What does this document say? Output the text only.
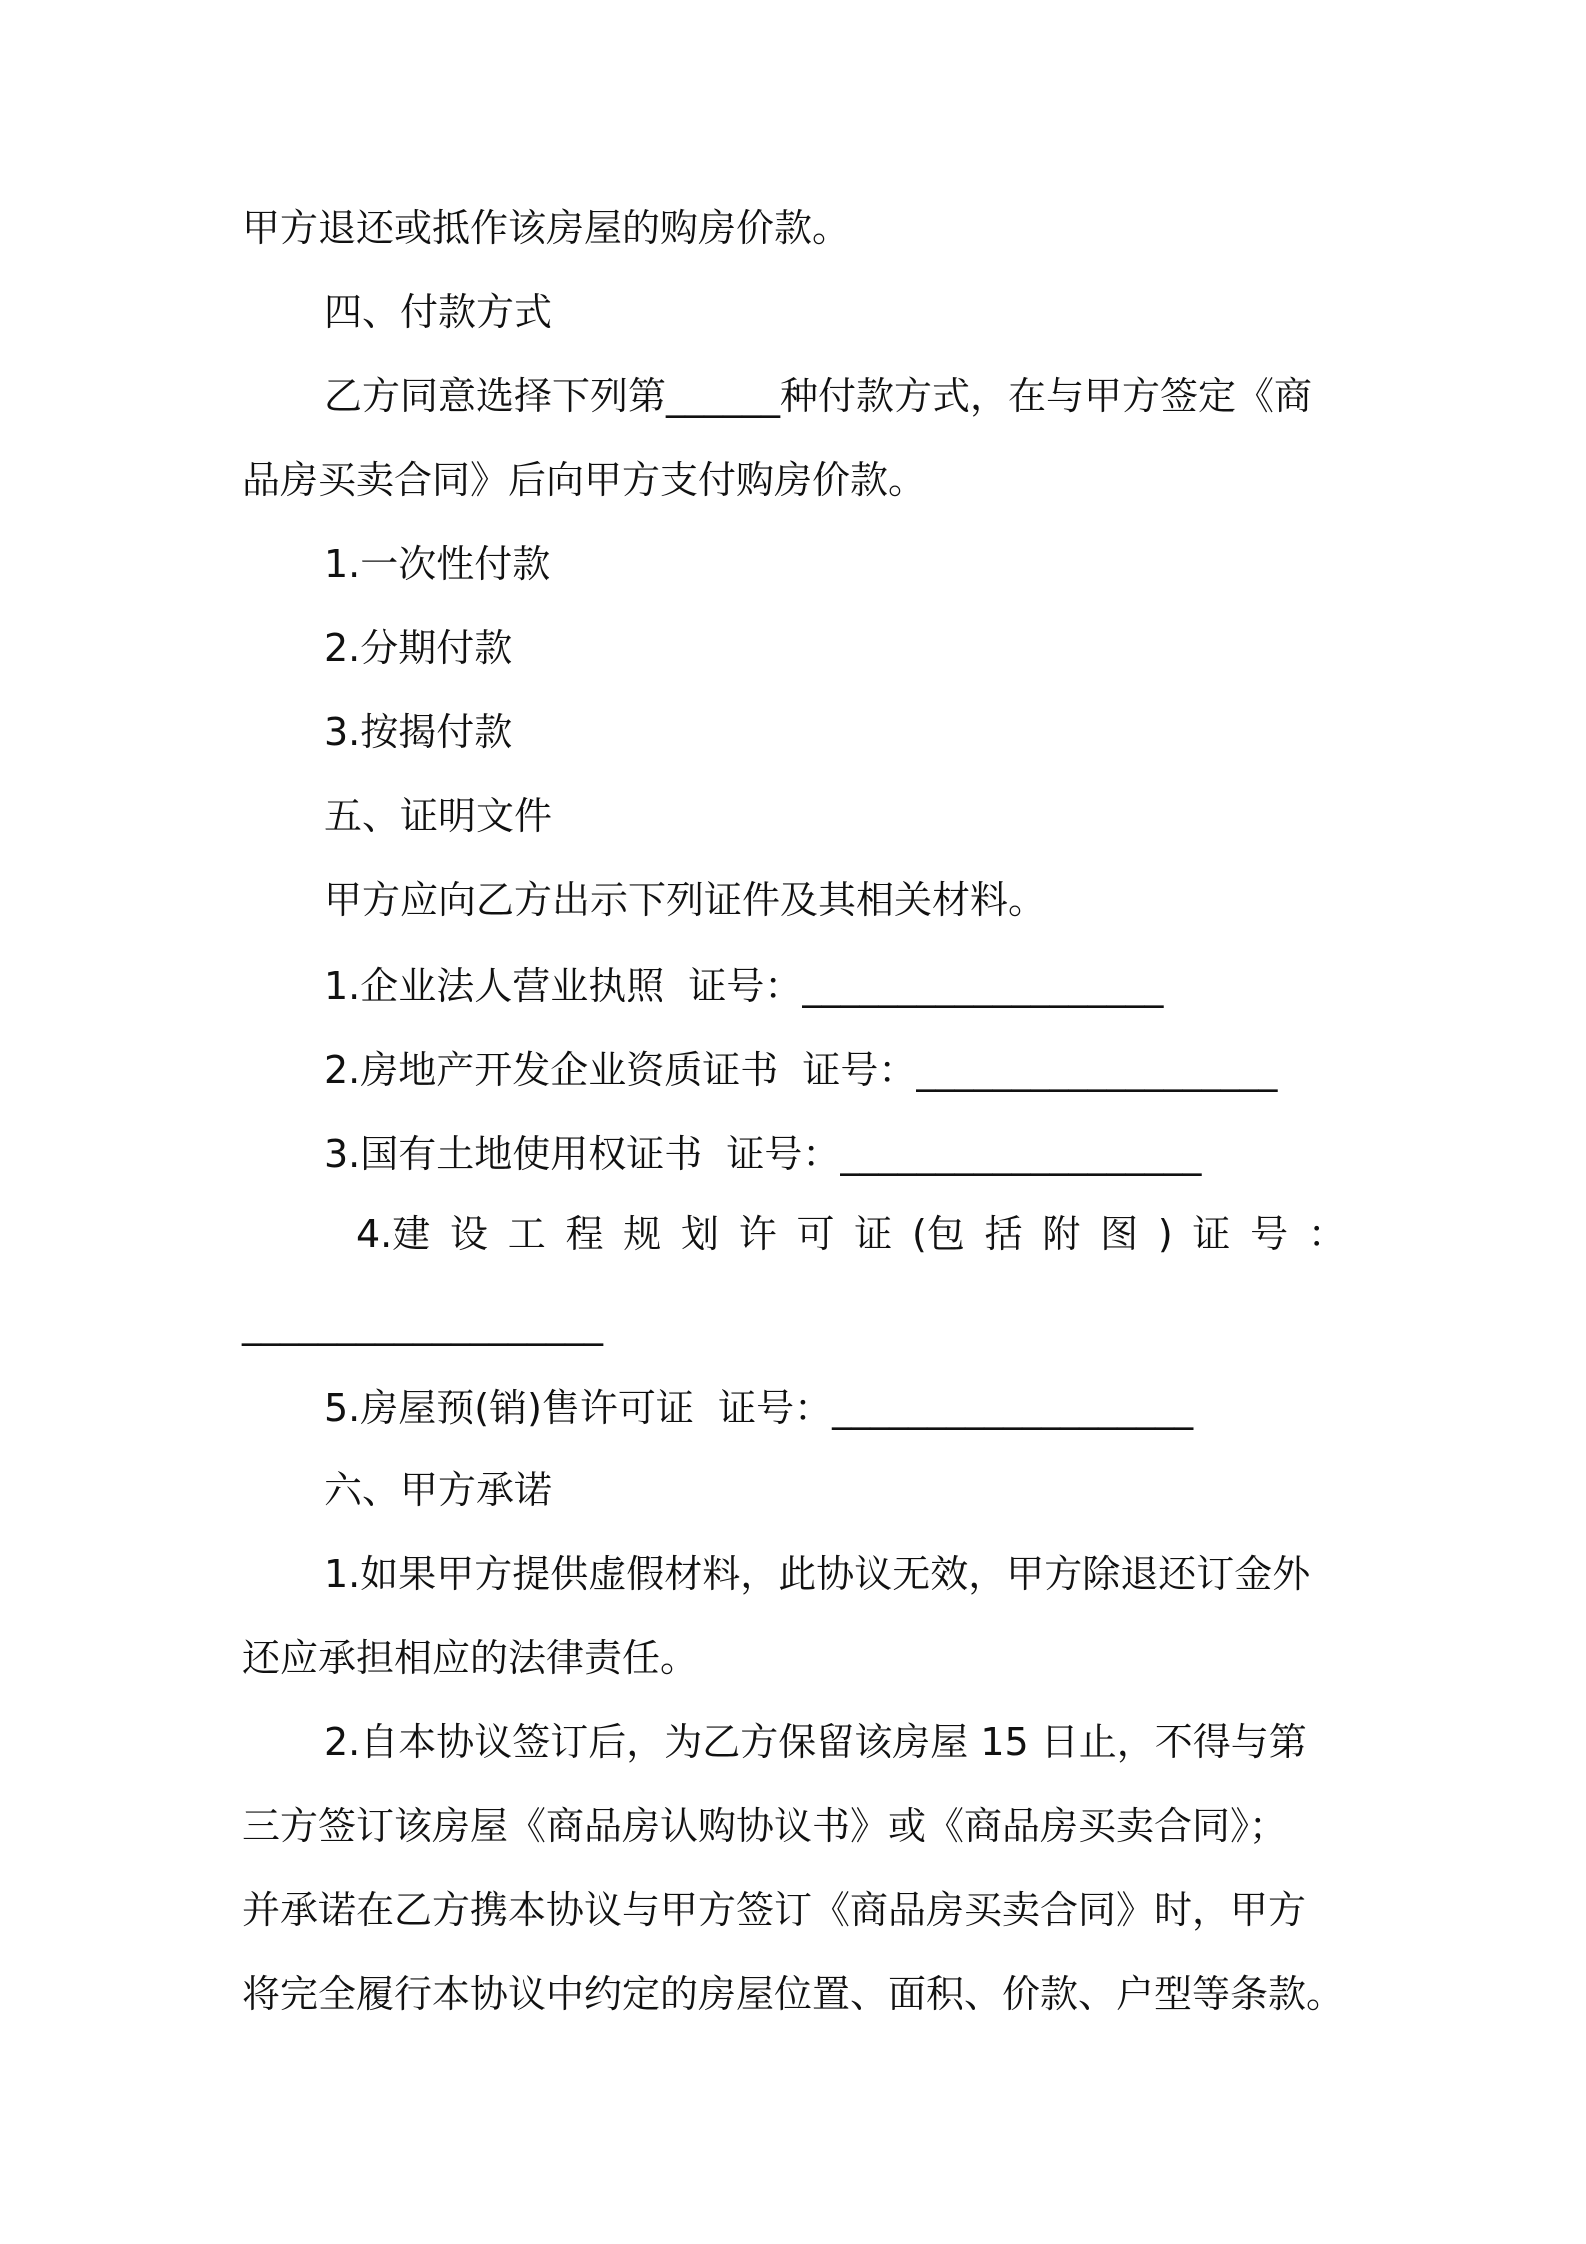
甲方退还或抵作该房屋的购房价款。
四、付款方式
乙方同意选择下列第______种付款方式，在与甲方签定《商
品房买卖合同》后向甲方支付购房价款。
1.一次性付款
2.分期付款
3.按揭付款
五、证明文件
甲方应向乙方出示下列证件及其相关材料。
1.企业法人营业执照  证号：___________________
2.房地产开发企业资质证书  证号：___________________
3.国有土地使用权证书  证号：___________________
4.建 设 工 程 规 划 许 可 证 (包 括 附 图 ) 证 号 ：
___________________
5.房屋预(销)售许可证  证号：___________________
六、甲方承诺
1.如果甲方提供虚假材料，此协议无效，甲方除退还订金外
还应承担相应的法律责任。
2.自本协议签订后，为乙方保留该房屋 15 日止，不得与第
三方签订该房屋《商品房认购协议书》或《商品房买卖合同》；
并承诺在乙方携本协议与甲方签订《商品房买卖合同》时，甲方
将完全履行本协议中约定的房屋位置、面积、价款、户型等条款。
